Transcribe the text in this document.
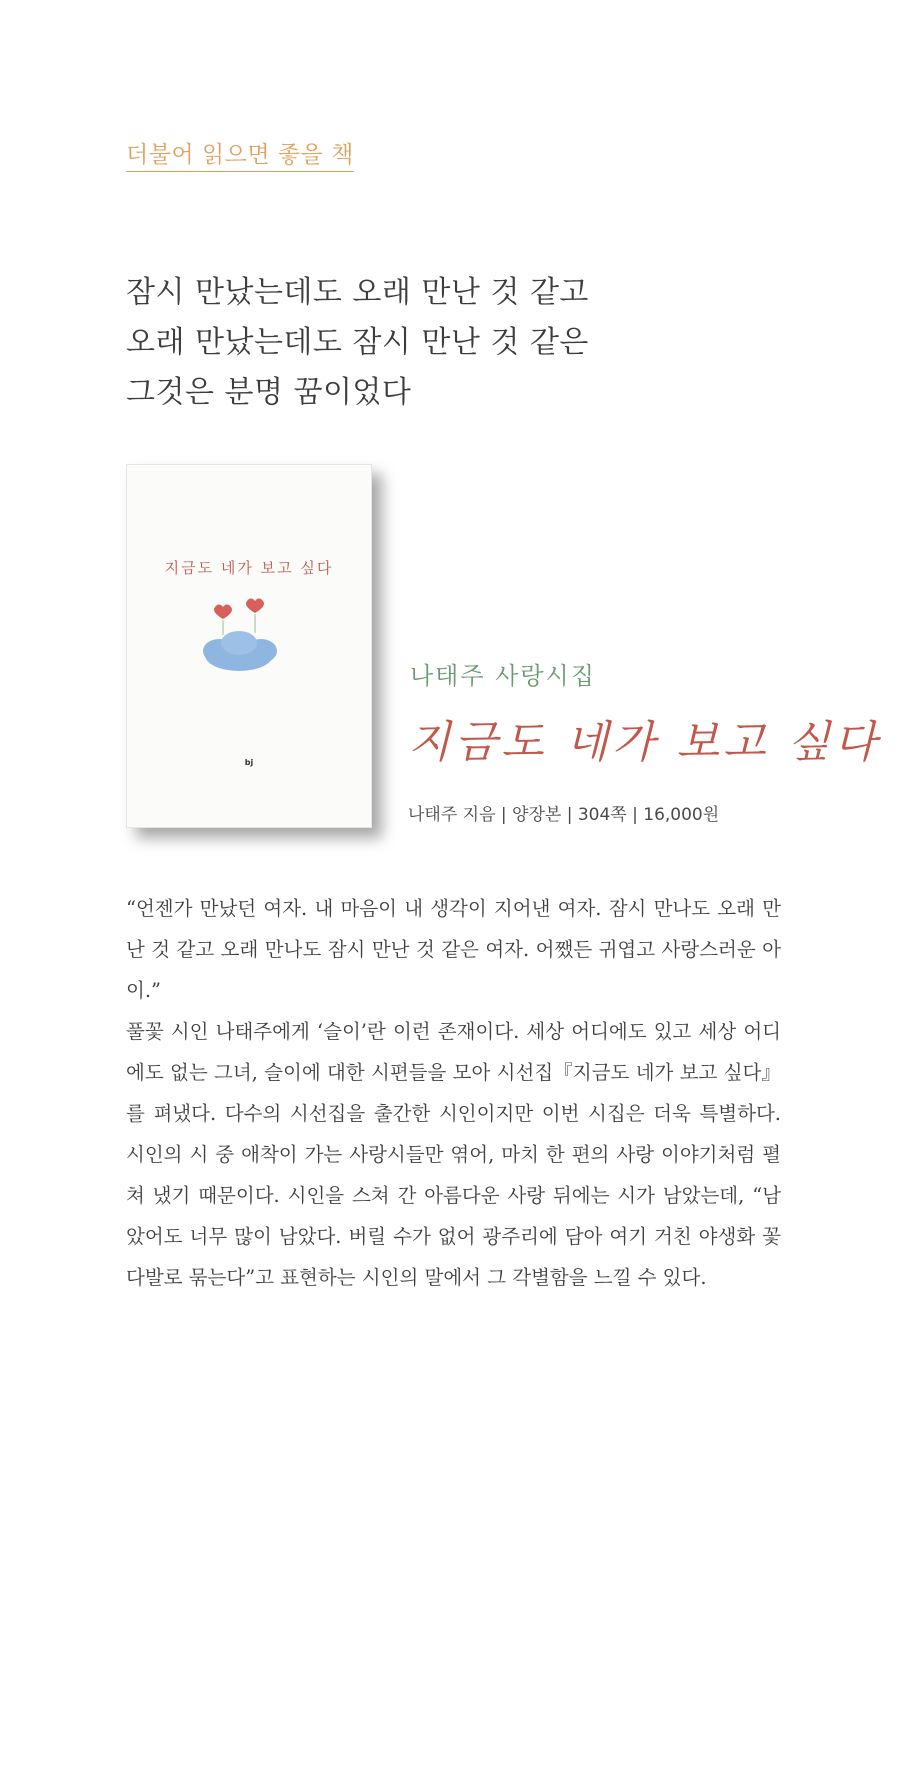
더불어 읽으면 좋을 책
잠시 만났는데도 오래 만난 것 같고
오래 만났는데도 잠시 만난 것 같은
그것은 분명 꿈이었다
지금도 네가 보고 싶다
bj
나태주 사랑시집
지금도 네가 보고 싶다
나태주 지음 | 양장본 | 304쪽 | 16,000원

“언젠가 만났던 여자. 내 마음이 내 생각이 지어낸 여자. 잠시 만나도 오래 만난 것 같고 오래 만나도 잠시 만난 것 같은 여자. 어쨌든 귀엽고 사랑스러운 아이.”

풀꽃 시인 나태주에게 ‘슬이’란 이런 존재이다. 세상 어디에도 있고 세상 어디에도 없는 그녀, 슬이에 대한 시편들을 모아 시선집『지금도 네가 보고 싶다』를 펴냈다. 다수의 시선집을 출간한 시인이지만 이번 시집은 더욱 특별하다. 시인의 시 중 애착이 가는 사랑시들만 엮어, 마치 한 편의 사랑 이야기처럼 펼쳐 냈기 때문이다. 시인을 스쳐 간 아름다운 사랑 뒤에는 시가 남았는데, “남았어도 너무 많이 남았다. 버릴 수가 없어 광주리에 담아 여기 거친 야생화 꽃다발로 묶는다”고 표현하는 시인의 말에서 그 각별함을 느낄 수 있다.
